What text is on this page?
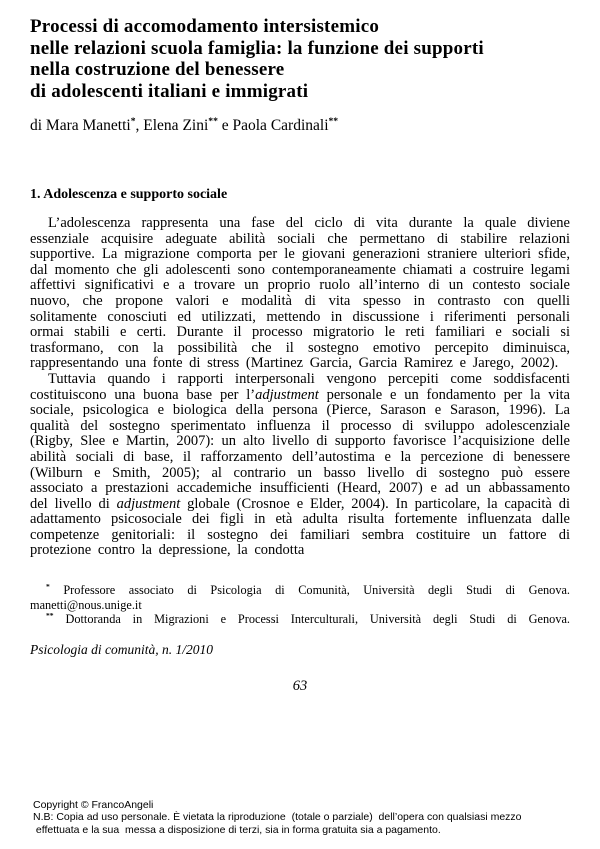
Processi di accomodamento intersistemico
nelle relazioni scuola famiglia: la funzione dei supporti
nella costruzione del benessere
di adolescenti italiani e immigrati

di Mara Manetti*, Elena Zini** e Paola Cardinali**

1. Adolescenza e supporto sociale

L’adolescenza rappresenta una fase del ciclo di vita durante la quale diviene essenziale acquisire adeguate abilità sociali che permettano di stabilire relazioni supportive. La migrazione comporta per le giovani generazioni straniere ulteriori sfide, dal momento che gli adolescenti sono contemporaneamente chiamati a costruire legami affettivi significativi e a trovare un proprio ruolo all’interno di un contesto sociale nuovo, che propone valori e modalità di vita spesso in contrasto con quelli solitamente conosciuti ed utilizzati, mettendo in discussione i riferimenti personali ormai stabili e certi. Durante il processo migratorio le reti familiari e sociali si trasformano, con la possibilità che il sostegno emotivo percepito diminuisca, rappresentando una fonte di stress (Martinez Garcia, Garcia Ramirez e Jarego, 2002).

Tuttavia quando i rapporti interpersonali vengono percepiti come soddisfacenti costituiscono una buona base per l’adjustment personale e un fondamento per la vita sociale, psicologica e biologica della persona (Pierce, Sarason e Sarason, 1996). La qualità del sostegno sperimentato influenza il processo di sviluppo adolescenziale (Rigby, Slee e Martin, 2007): un alto livello di supporto favorisce l’acquisizione delle abilità sociali di base, il rafforzamento dell’autostima e la percezione di benessere (Wilburn e Smith, 2005); al contrario un basso livello di sostegno può essere associato a prestazioni accademiche insufficienti (Heard, 2007) e ad un abbassamento del livello di adjustment globale (Crosnoe e Elder, 2004). In particolare, la capacità di adattamento psicosociale dei figli in età adulta risulta fortemente influenzata dalle competenze genitoriali: il sostegno dei familiari sembra costituire un fattore di protezione contro la depressione, la condotta

* Professore associato di Psicologia di Comunità, Università degli Studi di Genova.
manetti@nous.unige.it

** Dottoranda in Migrazioni e Processi Interculturali, Università degli Studi di Genova.

Psicologia di comunità, n. 1/2010

63
Copyright © FrancoAngeli
N.B: Copia ad uso personale. È vietata la riproduzione  (totale o parziale)  dell’opera con qualsiasi mezzo
effettuata e la sua  messa a disposizione di terzi, sia in forma gratuita sia a pagamento.
